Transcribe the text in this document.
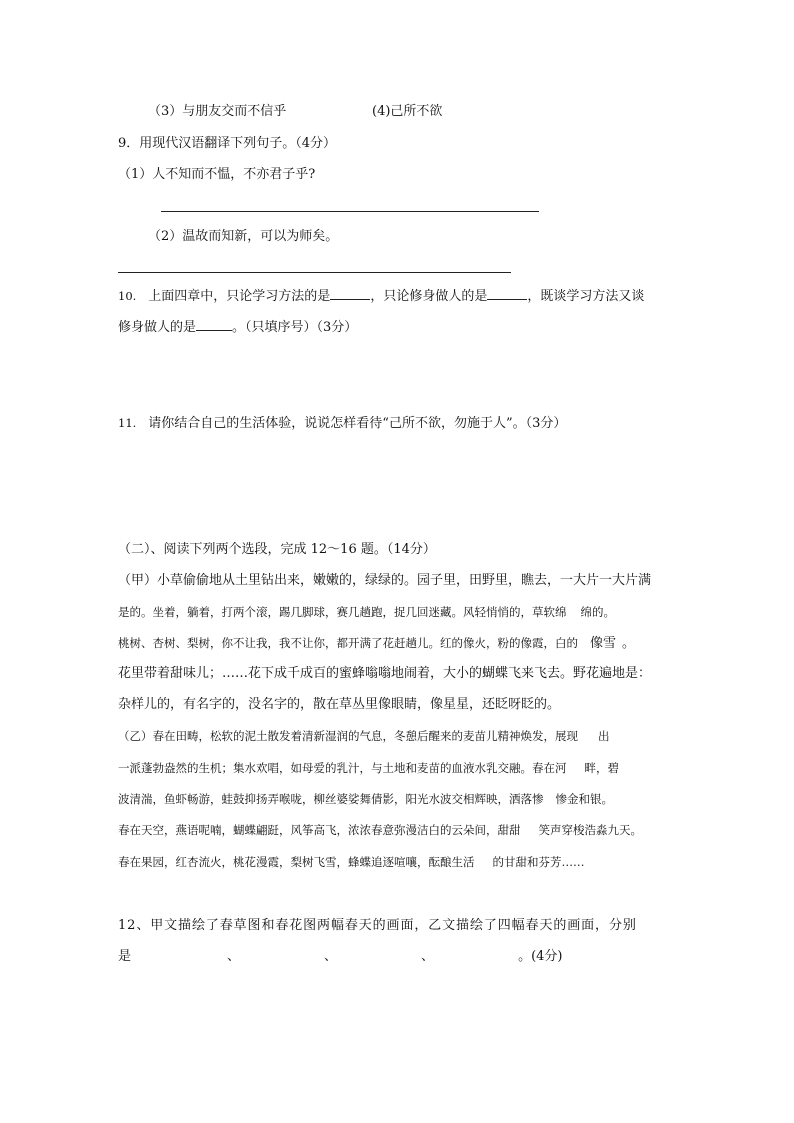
（3）与朋友交而不信乎	(4)己所不欲
9．用现代汉语翻译下列句子。（4分）
（1）人不知而不愠，不亦君子乎?
（2）温故而知新，可以为师矣。
10. 上面四章中，只论学习方法的是	，只论修身做人的是	，既谈学习方法又谈
修身做人的是	。（只填序号）（3分）
11. 请你结合自己的生活体验，说说怎样看待“己所不欲，勿施于人”。（3分）
（二）、阅读下列两个选段，完成 12～16 题。（14分）
（甲）小草偷偷地从土里钻出来，嫩嫩的，绿绿的。园子里，田野里，瞧去，一大片一大片满
是的。坐着，躺着，打两个滚，踢几脚球，赛几趟跑，捉几回迷藏。风轻悄悄的，草软绵 绵的。
桃树、杏树、梨树，你不让我，我不让你，都开满了花赶趟儿。红的像火，粉的像霞，白的 像雪 。
花里带着甜味儿；……花下成千成百的蜜蜂嗡嗡地闹着，大小的蝴蝶飞来飞去。野花遍地是：
杂样儿的，有名字的，没名字的，散在草丛里像眼睛，像星星，还眨呀眨的。
（乙）春在田畴，松软的泥土散发着清新湿润的气息，冬憩后醒来的麦苗儿精神焕发，展现 出
一派蓬勃盎然的生机；集水欢唱，如母爱的乳汁，与土地和麦苗的血液水乳交融。春在河 畔，碧
波清湍，鱼虾畅游，蛙鼓抑扬弄喉咙，柳丝婆娑舞倩影，阳光水波交相辉映，洒落惨 惨金和银。
春在天空，燕语呢喃，蝴蝶翩跹，风筝高飞，浓浓春意弥漫洁白的云朵间，甜甜 笑声穿梭浩淼九天。
春在果园，红杏流火，桃花漫霞，梨树飞雪，蜂蝶追逐喧嚷，酝酿生活 的甘甜和芬芳……
12、甲文描绘了春草图和春花图两幅春天的画面，乙文描绘了四幅春天的画面，分别
是	、	、	、	。(4分)
